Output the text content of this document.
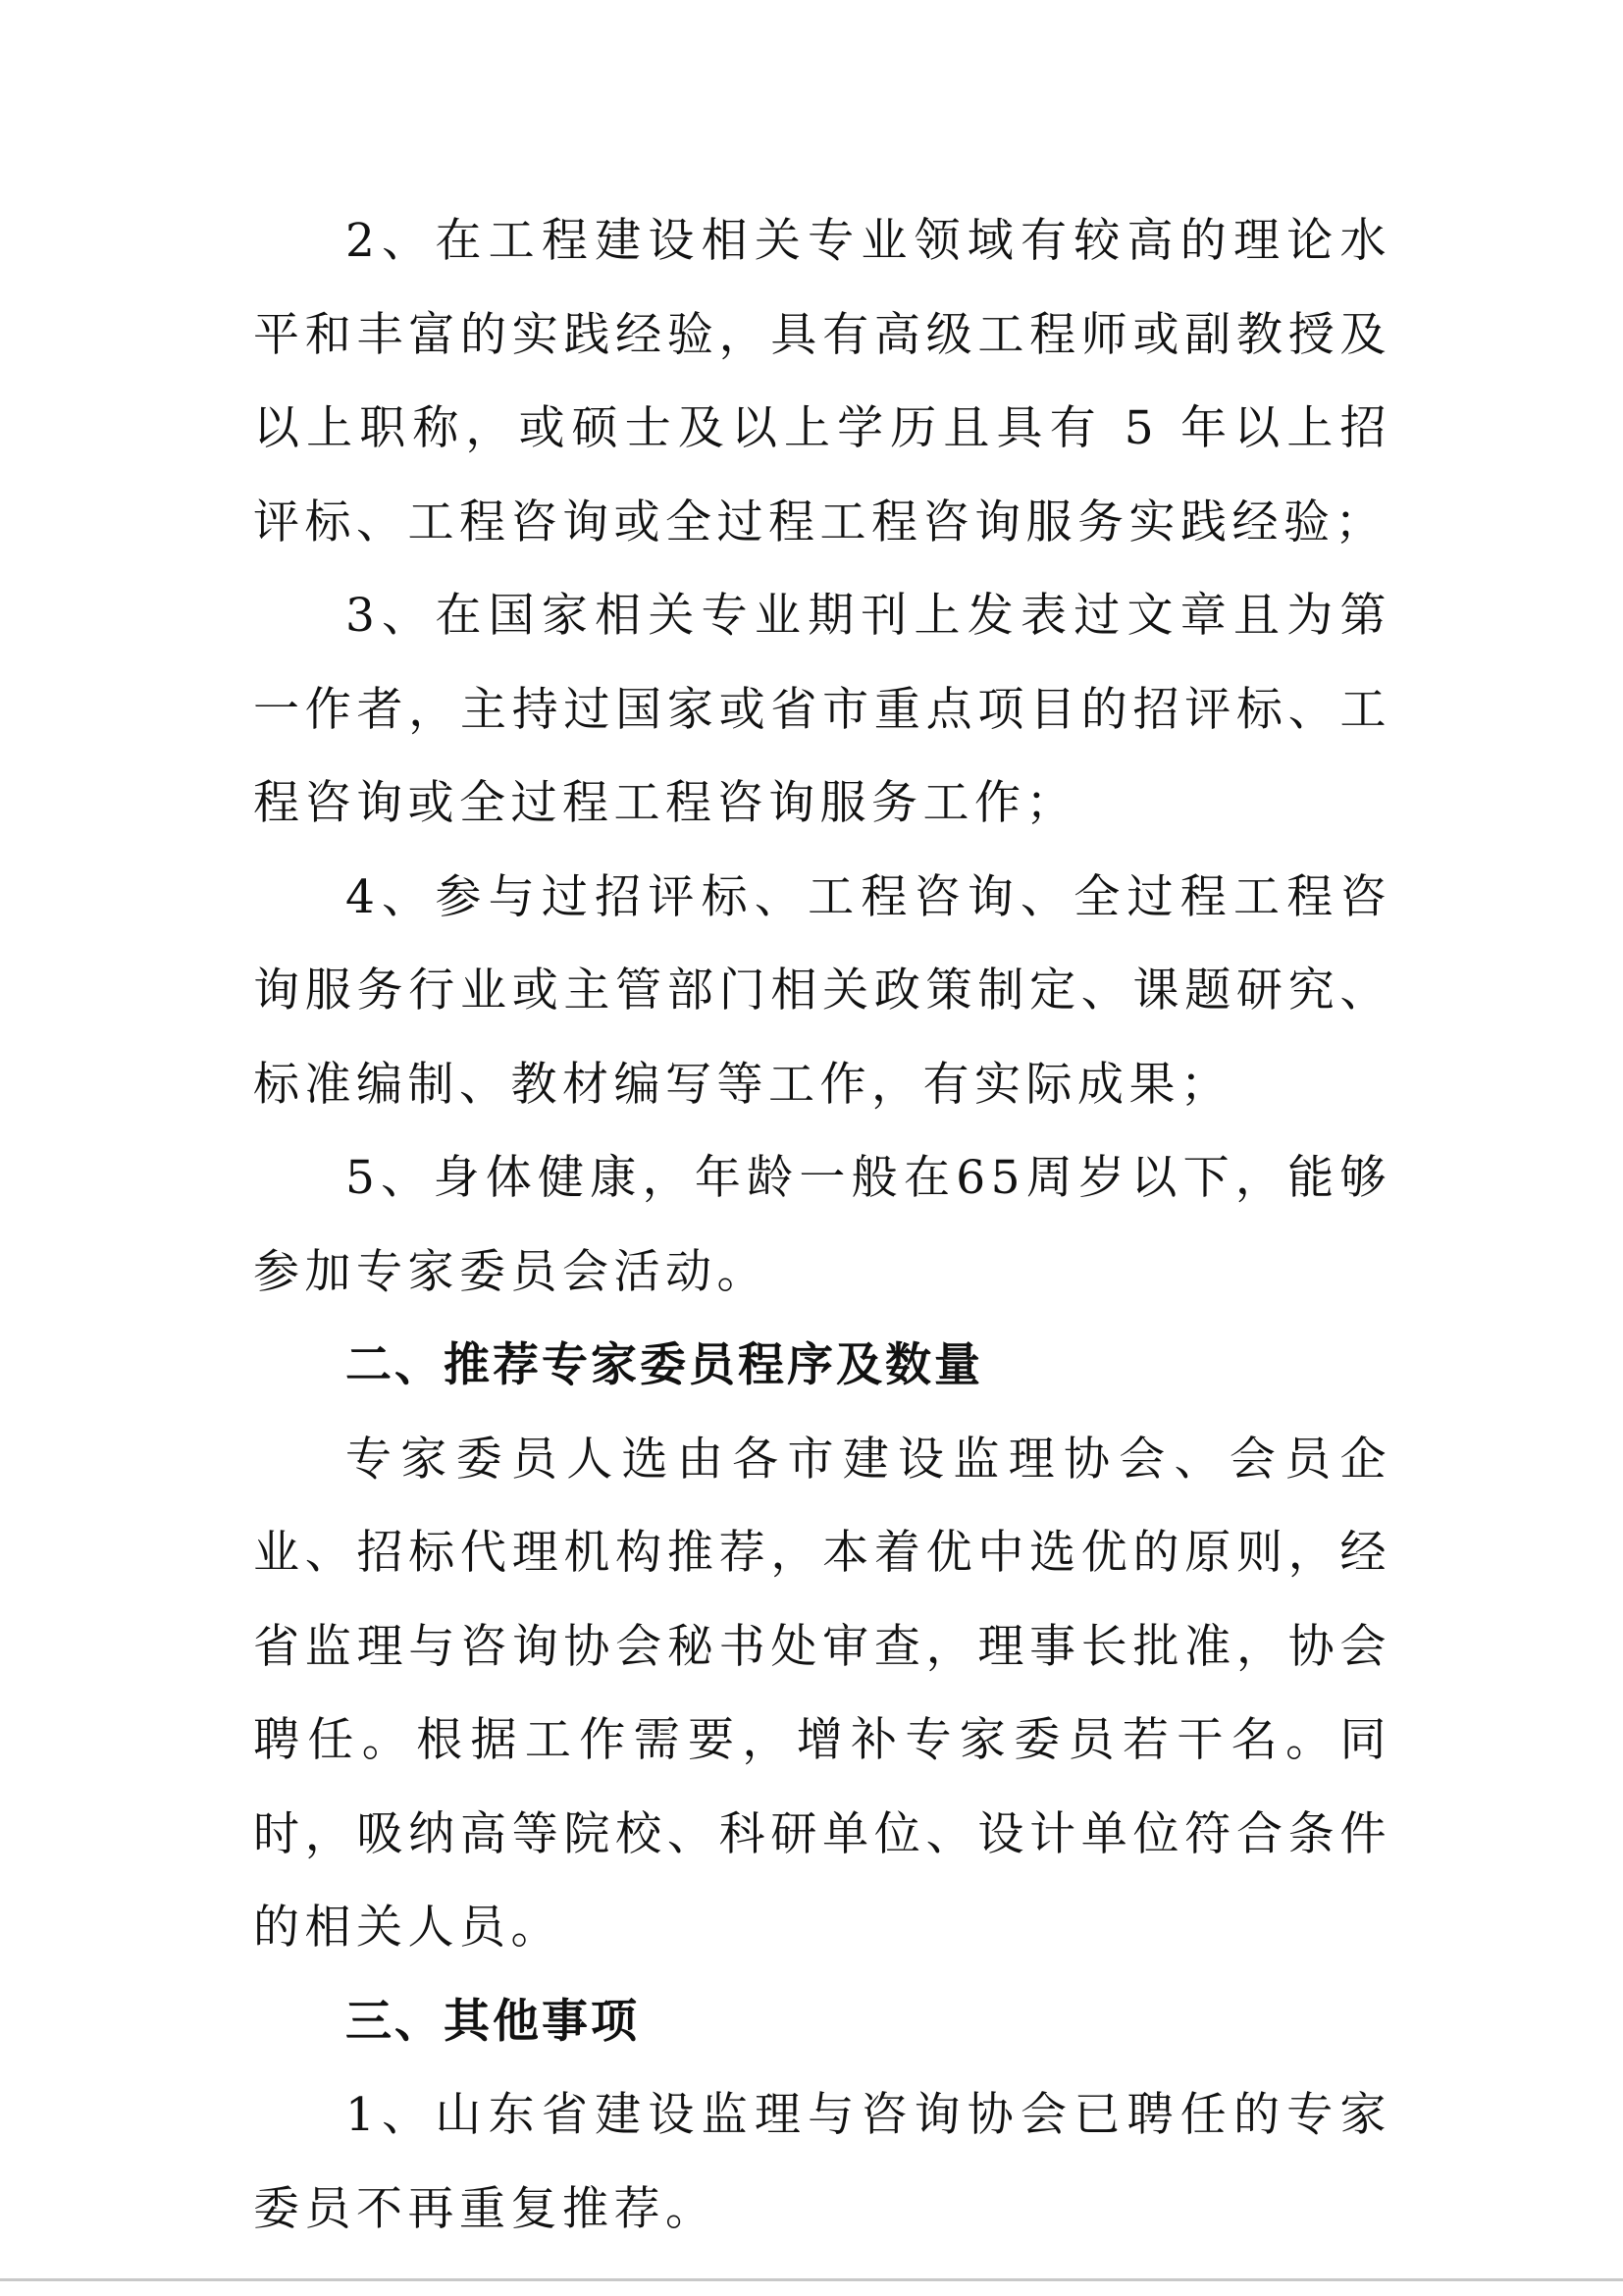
2、在工程建设相关专业领域有较高的理论水平和丰富的实践经验，具有高级工程师或副教授及以上职称，或硕士及以上学历且具有 5 年以上招评标、工程咨询或全过程工程咨询服务实践经验；

3、在国家相关专业期刊上发表过文章且为第一作者，主持过国家或省市重点项目的招评标、工程咨询或全过程工程咨询服务工作；

4、参与过招评标、工程咨询、全过程工程咨询服务行业或主管部门相关政策制定、课题研究、标准编制、教材编写等工作，有实际成果；

5、身体健康，年龄一般在65周岁以下，能够参加专家委员会活动。

二、推荐专家委员程序及数量

专家委员人选由各市建设监理协会、会员企业、招标代理机构推荐，本着优中选优的原则，经省监理与咨询协会秘书处审查，理事长批准，协会聘任。根据工作需要，增补专家委员若干名。同时，吸纳高等院校、科研单位、设计单位符合条件的相关人员。

三、其他事项

1、山东省建设监理与咨询协会已聘任的专家委员不再重复推荐。
